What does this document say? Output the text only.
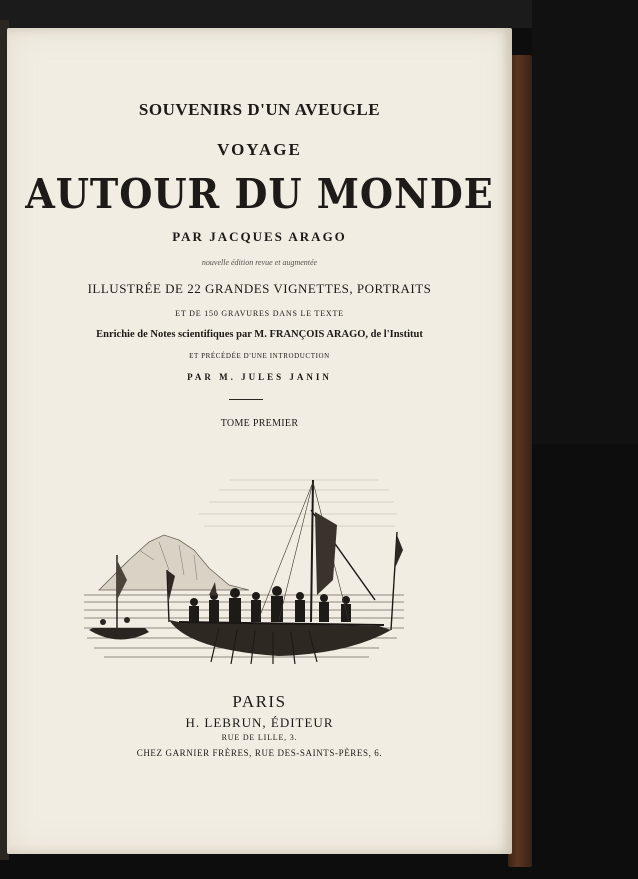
SOUVENIRS D'UN AVEUGLE
VOYAGE
AUTOUR DU MONDE
PAR JACQUES ARAGO
nouvelle édition revue et augmentée
ILLUSTRÉE DE 22 GRANDES VIGNETTES, PORTRAITS
ET DE 150 GRAVURES DANS LE TEXTE
Enrichie de Notes scientifiques par M. FRANÇOIS ARAGO, de l'Institut
ET PRÉCÉDÉE D'UNE INTRODUCTION
PAR M. JULES JANIN
TOME PREMIER
PARIS
H. LEBRUN, ÉDITEUR
RUE DE LILLE, 3.
CHEZ GARNIER FRÈRES, RUE DES-SAINTS-PÈRES, 6.
